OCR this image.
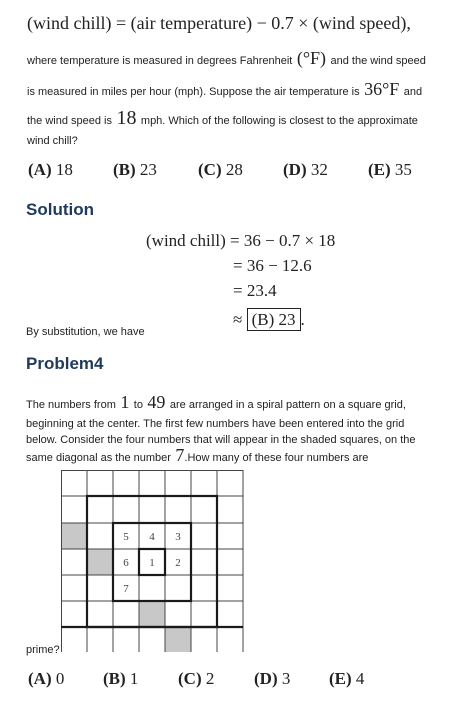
(wind chill) = (air temperature) − 0.7 × (wind speed),
where temperature is measured in degrees Fahrenheit (°F) and the wind speed
is measured in miles per hour (mph). Suppose the air temperature is 36°F and
the wind speed is 18 mph. Which of the following is closest to the approximate
wind chill?
(A) 18 (B) 23 (C) 28 (D) 32 (E) 35
Solution
(wind chill) = 36 − 0.7 × 18
= 36 − 12.6
= 23.4
≈ (B) 23 .
By substitution, we have
Problem4
The numbers from 1 to 49 are arranged in a spiral pattern on a square grid,
beginning at the center. The first few numbers have been entered into the grid
below. Consider the four numbers that will appear in the shaded squares, on the
same diagonal as the number 7.How many of these four numbers are
prime?
5 4 3
6 1 2
7
(A) 0 (B) 1 (C) 2 (D) 3 (E) 4
